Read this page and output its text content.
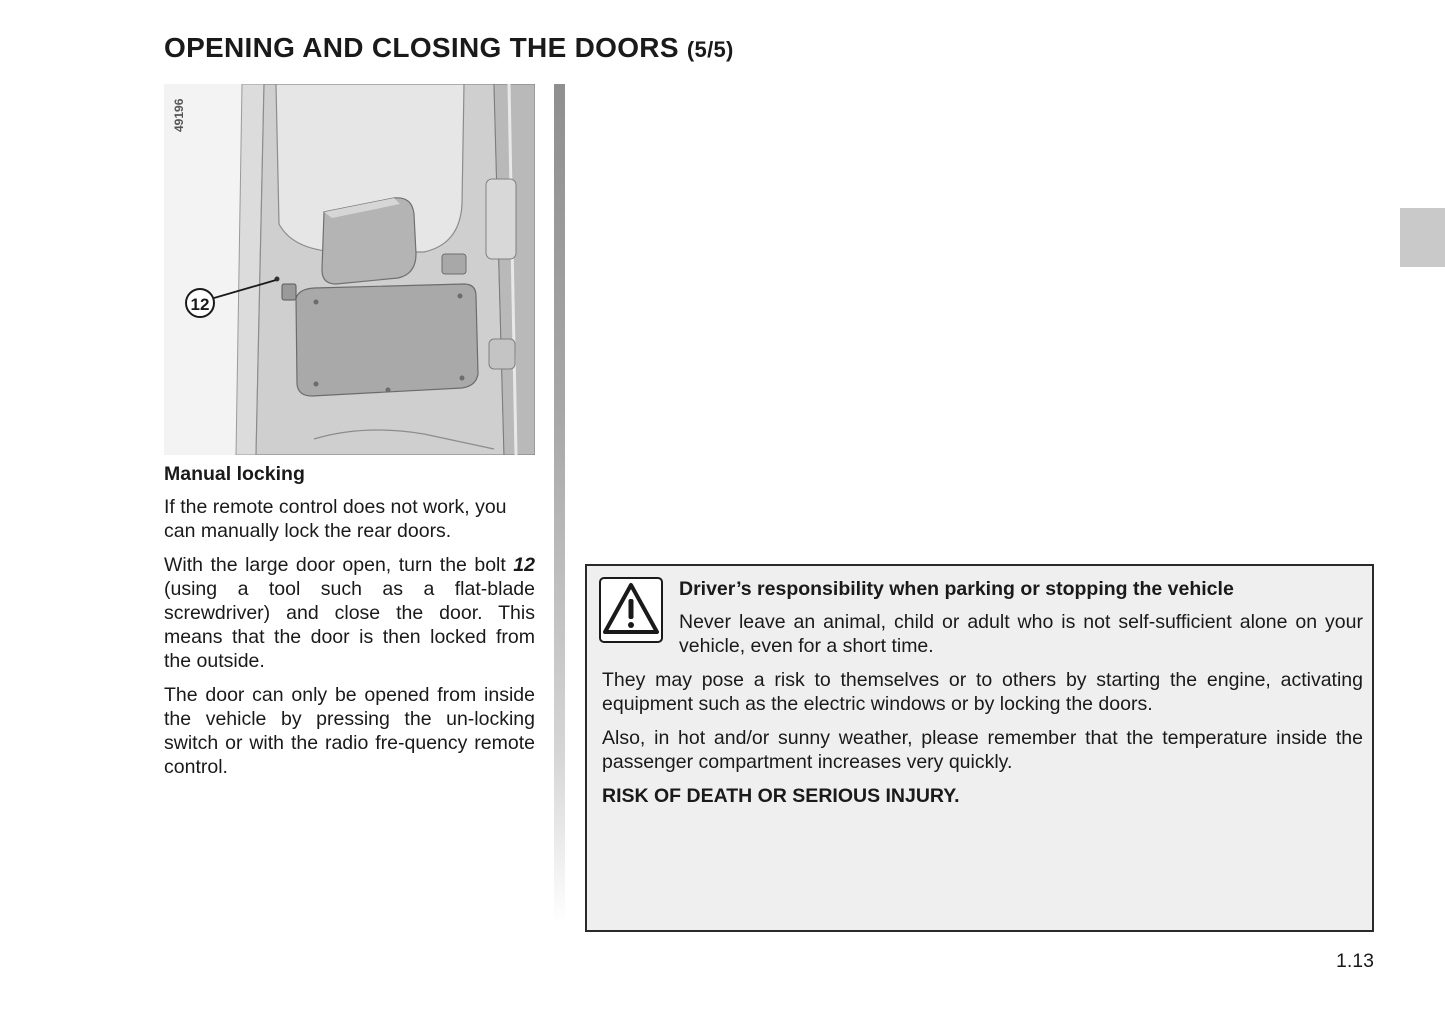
OPENING AND CLOSING THE DOORS (5/5)
12
49196
Manual locking

If the remote control does not work, you can manually lock the rear doors.

With the large door open, turn the bolt 12 (using a tool such as a flat-blade screwdriver) and close the door. This means that the door is then locked from the outside.

The door can only be opened from inside the vehicle by pressing the un-locking switch or with the radio fre-quency remote control.

Driver’s responsibility when parking or stopping the vehicle

Never leave an animal, child or adult who is not self-sufficient alone on your vehicle, even for a short time.

They may pose a risk to themselves or to others by starting the engine, activating equipment such as the electric windows or by locking the doors.

Also, in hot and/or sunny weather, please remember that the temperature inside the passenger compartment increases very quickly.

RISK OF DEATH OR SERIOUS INJURY.

1.13
